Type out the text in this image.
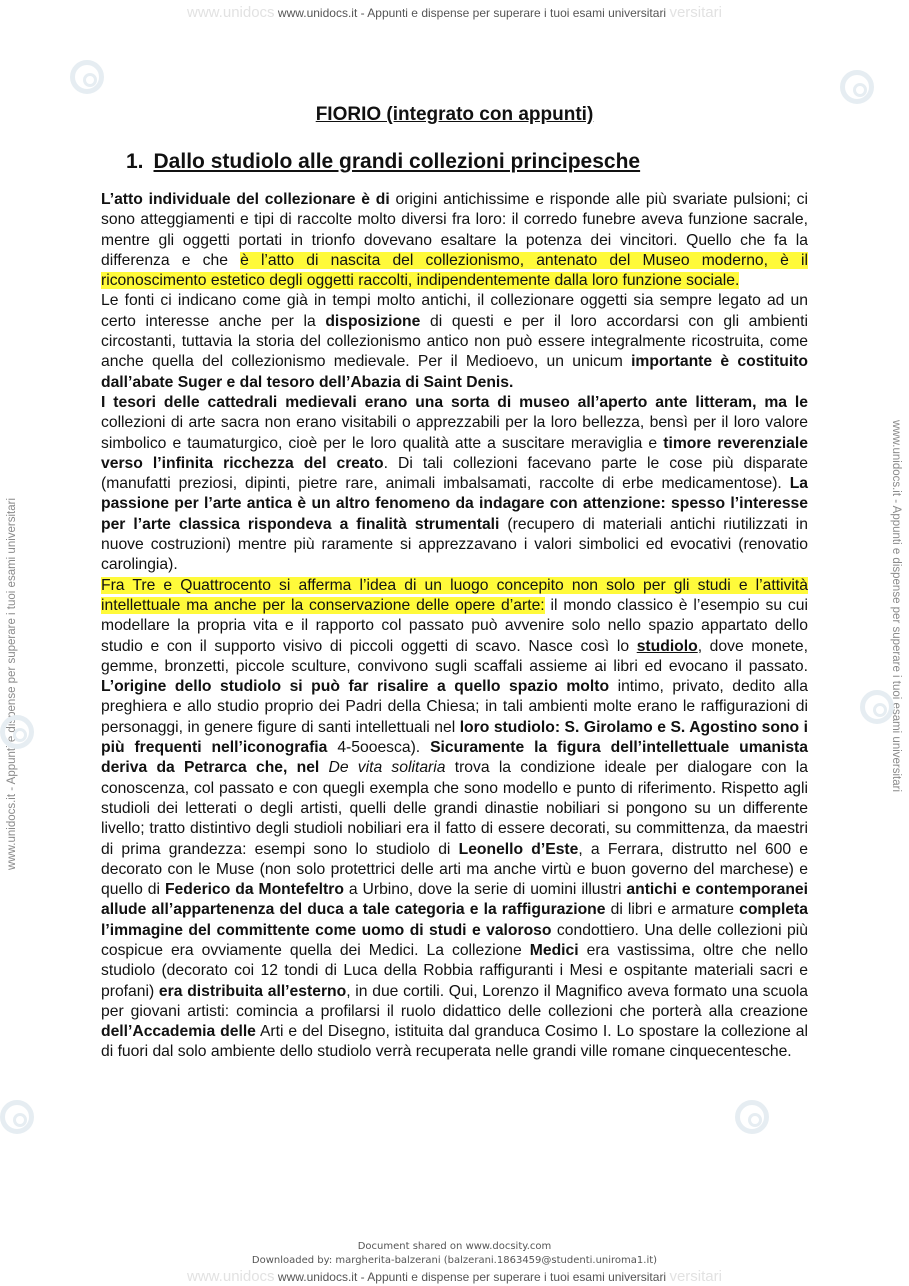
www.unidocs www.unidocs.it - Appunti e dispense per superare i tuoi esami universitari versitari
www.unidocs.it - Appunti e dispense per superare i tuoi esami universitari	www.unidocs.it - Appunti e dispense per superare i tuoi esami universitari
FIORIO (integrato con appunti)
1. Dallo studiolo alle grandi collezioni principesche

L’atto individuale del collezionare è di origini antichissime e risponde alle più svariate pulsioni; ci sono atteggiamenti e tipi di raccolte molto diversi fra loro: il corredo funebre aveva funzione sacrale, mentre gli oggetti portati in trionfo dovevano esaltare la potenza dei vincitori. Quello che fa la differenza e che è l’atto di nascita del collezionismo, antenato del Museo moderno, è il riconoscimento estetico degli oggetti raccolti, indipendentemente dalla loro funzione sociale.

Le fonti ci indicano come già in tempi molto antichi, il collezionare oggetti sia sempre legato ad un certo interesse anche per la disposizione di questi e per il loro accordarsi con gli ambienti circostanti, tuttavia la storia del collezionismo antico non può essere integralmente ricostruita, come anche quella del collezionismo medievale. Per il Medioevo, un unicum importante è costituito dall’abate Suger e dal tesoro dell’Abazia di Saint Denis.

I tesori delle cattedrali medievali erano una sorta di museo all’aperto ante litteram, ma le collezioni di arte sacra non erano visitabili o apprezzabili per la loro bellezza, bensì per il loro valore simbolico e taumaturgico, cioè per le loro qualità atte a suscitare meraviglia e timore reverenziale verso l’infinita ricchezza del creato. Di tali collezioni facevano parte le cose più disparate (manufatti preziosi, dipinti, pietre rare, animali imbalsamati, raccolte di erbe medicamentose). La passione per l’arte antica è un altro fenomeno da indagare con attenzione: spesso l’interesse per l’arte classica rispondeva a finalità strumentali (recupero di materiali antichi riutilizzati in nuove costruzioni) mentre più raramente si apprezzavano i valori simbolici ed evocativi (renovatio carolingia).

Fra Tre e Quattrocento si afferma l’idea di un luogo concepito non solo per gli studi e l’attività intellettuale ma anche per la conservazione delle opere d’arte: il mondo classico è l’esempio su cui modellare la propria vita e il rapporto col passato può avvenire solo nello spazio appartato dello studio e con il supporto visivo di piccoli oggetti di scavo. Nasce così lo studiolo, dove monete, gemme, bronzetti, piccole sculture, convivono sugli scaffali assieme ai libri ed evocano il passato. L’origine dello studiolo si può far risalire a quello spazio molto intimo, privato, dedito alla preghiera e allo studio proprio dei Padri della Chiesa; in tali ambienti molte erano le raffigurazioni di personaggi, in genere figure di santi intellettuali nel loro studiolo: S. Girolamo e S. Agostino sono i più frequenti nell’iconografia 4-5ooesca). Sicuramente la figura dell’intellettuale umanista deriva da Petrarca che, nel De vita solitaria trova la condizione ideale per dialogare con la conoscenza, col passato e con quegli exempla che sono modello e punto di riferimento. Rispetto agli studioli dei letterati o degli artisti, quelli delle grandi dinastie nobiliari si pongono su un differente livello; tratto distintivo degli studioli nobiliari era il fatto di essere decorati, su committenza, da maestri di prima grandezza: esempi sono lo studiolo di Leonello d’Este, a Ferrara, distrutto nel 600 e decorato con le Muse (non solo protettrici delle arti ma anche virtù e buon governo del marchese) e quello di Federico da Montefeltro a Urbino, dove la serie di uomini illustri antichi e contemporanei allude all’appartenenza del duca a tale categoria e la raffigurazione di libri e armature completa l’immagine del committente come uomo di studi e valoroso condottiero. Una delle collezioni più cospicue era ovviamente quella dei Medici. La collezione Medici era vastissima, oltre che nello studiolo (decorato coi 12 tondi di Luca della Robbia raffiguranti i Mesi e ospitante materiali sacri e profani) era distribuita all’esterno, in due cortili. Qui, Lorenzo il Magnifico aveva formato una scuola per giovani artisti: comincia a profilarsi il ruolo didattico delle collezioni che porterà alla creazione dell’Accademia delle Arti e del Disegno, istituita dal granduca Cosimo I. Lo spostare la collezione al di fuori dal solo ambiente dello studiolo verrà recuperata nelle grandi ville romane cinquecentesche.

Document shared on www.docsity.com
Downloaded by: margherita-balzerani (balzerani.1863459@studenti.uniroma1.it)
www.unidocs www.unidocs.it - Appunti e dispense per superare i tuoi esami universitari versitari
